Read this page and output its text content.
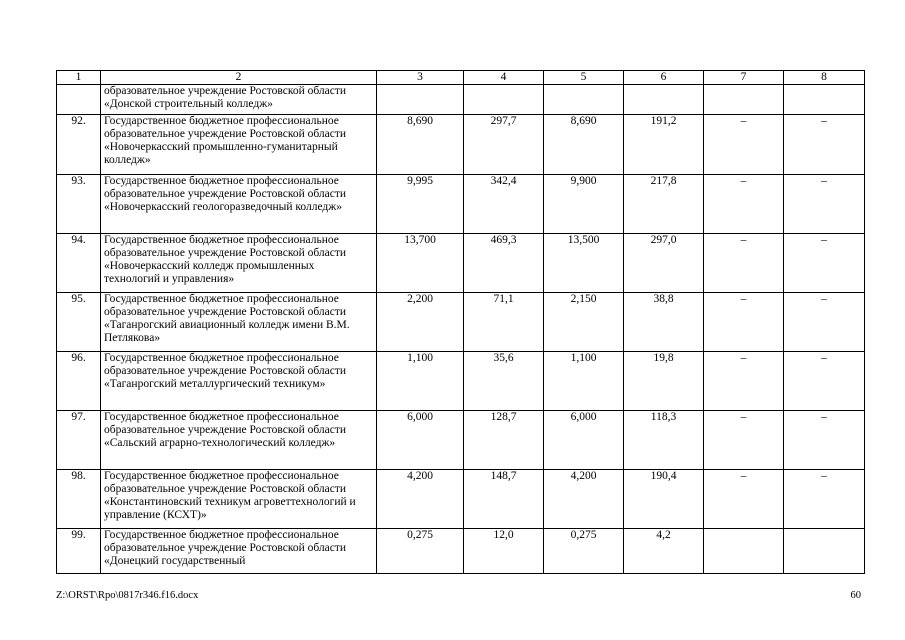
1	2	3	4	5	6	7	8
	образовательное учреждение Ростовской области «Донской строительный колледж»						
92.	Государственное бюджетное профессиональное образовательное учреждение Ростовской области «Новочеркасский промышленно-гуманитарный колледж»	8,690	297,7	8,690	191,2	–	–
93.	Государственное бюджетное профессиональное образовательное учреждение Ростовской области «Новочеркасский геологоразведочный колледж»	9,995	342,4	9,900	217,8	–	–
94.	Государственное бюджетное профессиональное образовательное учреждение Ростовской области «Новочеркасский колледж промышленных технологий и управления»	13,700	469,3	13,500	297,0	–	–
95.	Государственное бюджетное профессиональное образовательное учреждение Ростовской области «Таганрогский авиационный колледж имени В.М. Петлякова»	2,200	71,1	2,150	38,8	–	–
96.	Государственное бюджетное профессиональное образовательное учреждение Ростовской области «Таганрогский металлургический техникум»	1,100	35,6	1,100	19,8	–	–
97.	Государственное бюджетное профессиональное образовательное учреждение Ростовской области «Сальский аграрно-технологический колледж»	6,000	128,7	6,000	118,3	–	–
98.	Государственное бюджетное профессиональное образовательное учреждение Ростовской области «Константиновский техникум агроветтехнологий и управление (КСХТ)»	4,200	148,7	4,200	190,4	–	–
99.	Государственное бюджетное профессиональное образовательное учреждение Ростовской области «Донецкий государственный	0,275	12,0	0,275	4,2		
Z:\ORST\Rpo\0817r346.f16.docx	60
